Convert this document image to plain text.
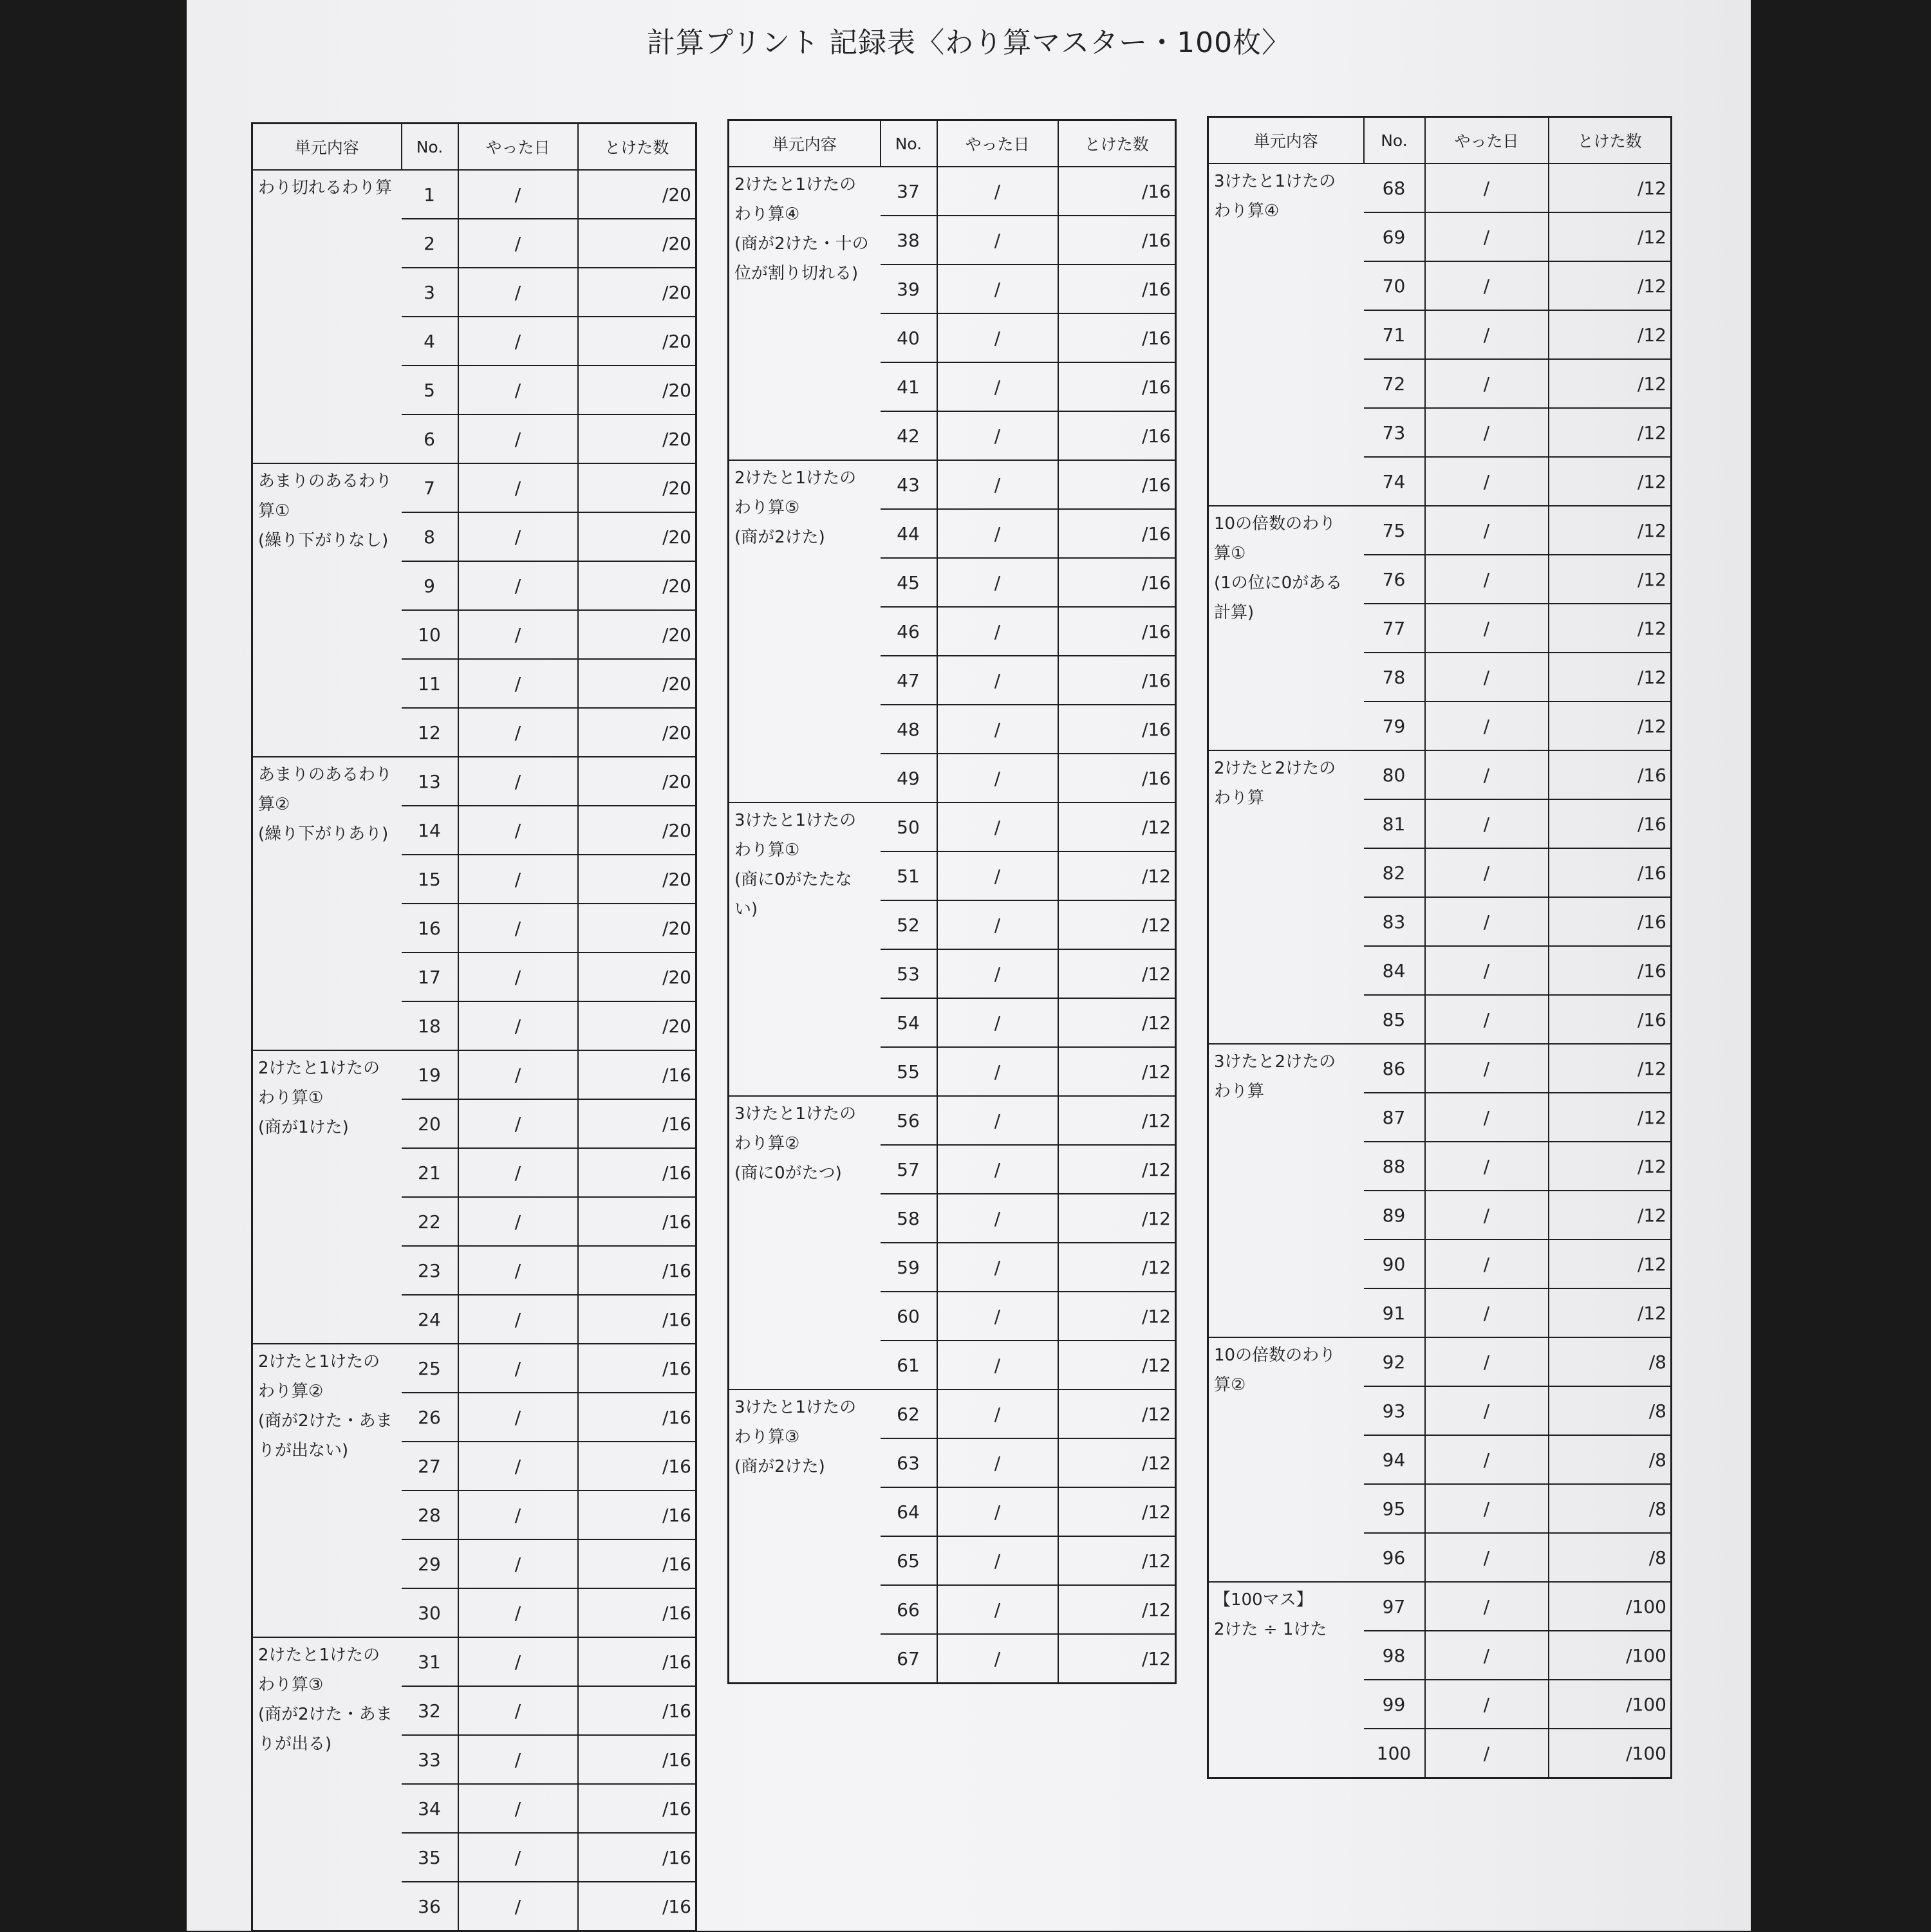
計算プリント 記録表〈わり算マスター・100枚〉
単元内容	No.	やった日	とけた数

わり切れるわり算	1	/	/20
	2	/	/20
	3	/	/20
	4	/	/20
	5	/	/20
	6	/	/20

あまりのあるわり
算①
(繰り下がりなし)	7	/	/20
	8	/	/20
	9	/	/20
	10	/	/20
	11	/	/20
	12	/	/20

あまりのあるわり
算②
(繰り下がりあり)	13	/	/20
	14	/	/20
	15	/	/20
	16	/	/20
	17	/	/20
	18	/	/20

2けたと1けたの
わり算①
(商が1けた)	19	/	/16
	20	/	/16
	21	/	/16
	22	/	/16
	23	/	/16
	24	/	/16

2けたと1けたの
わり算②
(商が2けた・あま
りが出ない)	25	/	/16
	26	/	/16
	27	/	/16
	28	/	/16
	29	/	/16
	30	/	/16

2けたと1けたの
わり算③
(商が2けた・あま
りが出る)	31	/	/16
	32	/	/16
	33	/	/16
	34	/	/16
	35	/	/16
	36	/	/16
単元内容	No.	やった日	とけた数

2けたと1けたの
わり算④
(商が2けた・十の
位が割り切れる)	37	/	/16
	38	/	/16
	39	/	/16
	40	/	/16
	41	/	/16
	42	/	/16

2けたと1けたの
わり算⑤
(商が2けた)	43	/	/16
	44	/	/16
	45	/	/16
	46	/	/16
	47	/	/16
	48	/	/16
	49	/	/16

3けたと1けたの
わり算①
(商に0がたたな
い)	50	/	/12
	51	/	/12
	52	/	/12
	53	/	/12
	54	/	/12
	55	/	/12

3けたと1けたの
わり算②
(商に0がたつ)	56	/	/12
	57	/	/12
	58	/	/12
	59	/	/12
	60	/	/12
	61	/	/12

3けたと1けたの
わり算③
(商が2けた)	62	/	/12
	63	/	/12
	64	/	/12
	65	/	/12
	66	/	/12
	67	/	/12
単元内容	No.	やった日	とけた数

3けたと1けたの
わり算④	68	/	/12
	69	/	/12
	70	/	/12
	71	/	/12
	72	/	/12
	73	/	/12
	74	/	/12

10の倍数のわり
算①
(1の位に0がある
計算)	75	/	/12
	76	/	/12
	77	/	/12
	78	/	/12
	79	/	/12

2けたと2けたの
わり算	80	/	/16
	81	/	/16
	82	/	/16
	83	/	/16
	84	/	/16
	85	/	/16

3けたと2けたの
わり算	86	/	/12
	87	/	/12
	88	/	/12
	89	/	/12
	90	/	/12
	91	/	/12

10の倍数のわり
算②	92	/	/8
	93	/	/8
	94	/	/8
	95	/	/8
	96	/	/8

【100マス】
2けた ÷ 1けた	97	/	/100
	98	/	/100
	99	/	/100
	100	/	/100
